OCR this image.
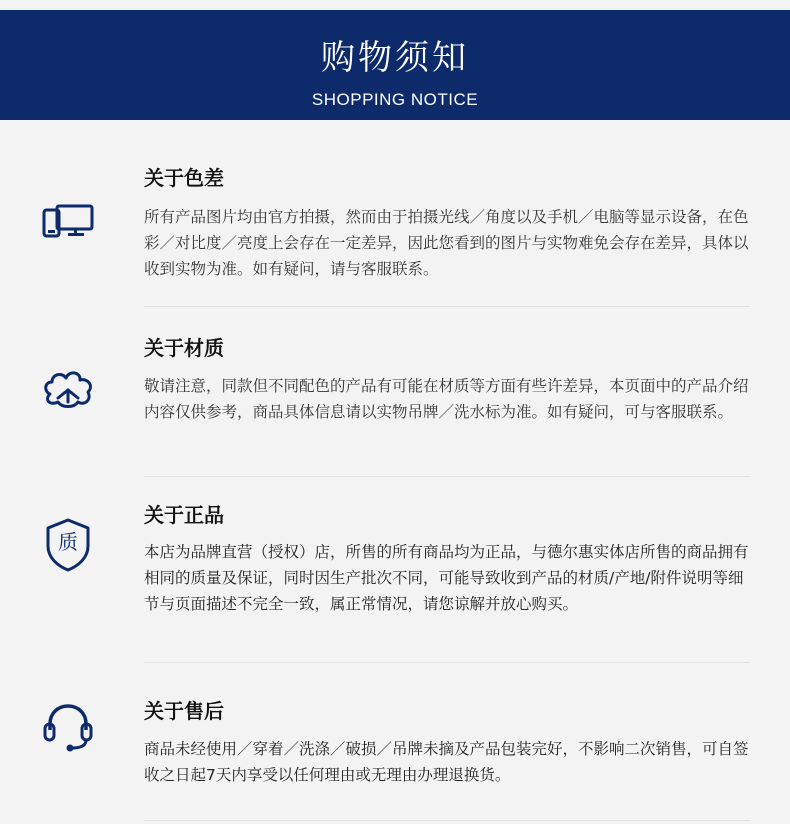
购物须知
SHOPPING NOTICE
关于色差
所有产品图片均由官方拍摄，然而由于拍摄光线／角度以及手机／电脑等显示设备，在色彩／对比度／亮度上会存在一定差异，因此您看到的图片与实物难免会存在差异，具体以收到实物为准。如有疑问，请与客服联系。
关于材质
敬请注意，同款但不同配色的产品有可能在材质等方面有些许差异，本页面中的产品介绍内容仅供参考，商品具体信息请以实物吊牌／洗水标为准。如有疑问，可与客服联系。
质
关于正品
本店为品牌直营（授权）店，所售的所有商品均为正品，与德尔惠实体店所售的商品拥有相同的质量及保证，同时因生产批次不同，可能导致收到产品的材质/产地/附件说明等细节与页面描述不完全一致，属正常情况，请您谅解并放心购买。
关于售后
商品未经使用／穿着／洗涤／破损／吊牌未摘及产品包装完好，不影响二次销售，可自签收之日起7天内享受以任何理由或无理由办理退换货。
